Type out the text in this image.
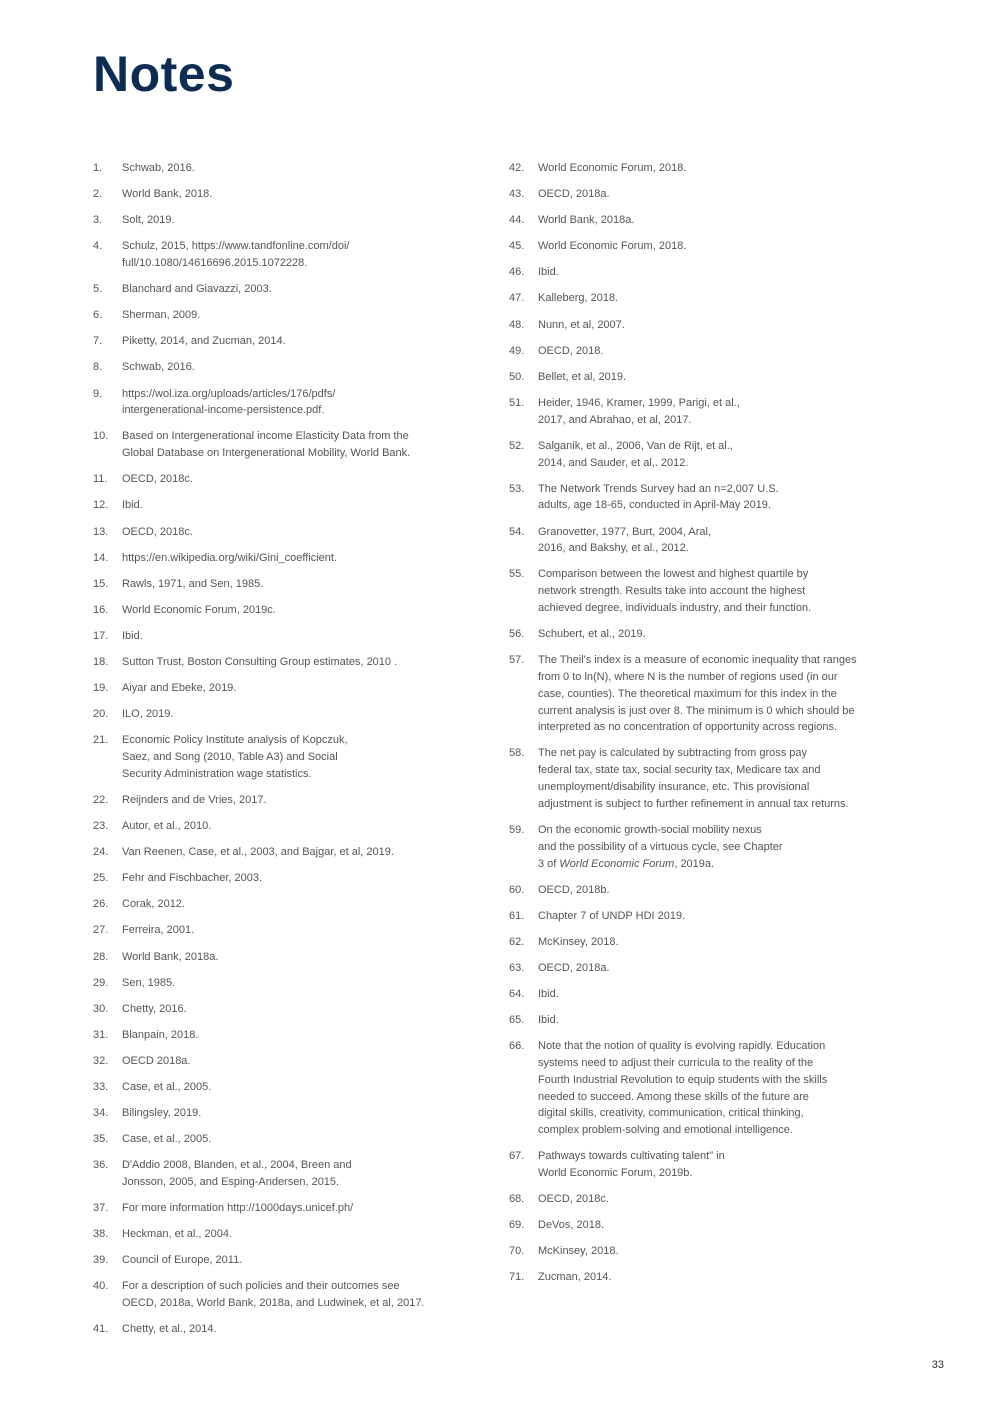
Notes
1.	Schwab, 2016.
2.	World Bank, 2018.
3.	Solt, 2019.
4.	Schulz, 2015, https://www.tandfonline.com/doi/
full/10.1080/14616696.2015.1072228.
5.	Blanchard and Giavazzi, 2003.
6.	Sherman, 2009.
7.	Piketty, 2014, and Zucman, 2014.
8.	Schwab, 2016.
9.	https://wol.iza.org/uploads/articles/176/pdfs/
intergenerational-income-persistence.pdf.
10.	Based on Intergenerational income Elasticity Data from the
Global Database on Intergenerational Mobility, World Bank.
11.	OECD, 2018c.
12.	Ibid.
13.	OECD, 2018c.
14.	https://en.wikipedia.org/wiki/Gini_coefficient.
15.	Rawls, 1971, and Sen, 1985.
16.	World Economic Forum, 2019c.
17.	Ibid.
18.	Sutton Trust, Boston Consulting Group estimates, 2010 .
19.	Aiyar and Ebeke, 2019.
20.	ILO, 2019.
21.	Economic Policy Institute analysis of Kopczuk,
Saez, and Song (2010, Table A3) and Social
Security Administration wage statistics.
22.	Reijnders and de Vries, 2017.
23.	Autor, et al., 2010.
24.	Van Reenen, Case, et al., 2003, and Bajgar, et al, 2019.
25.	Fehr and Fischbacher, 2003.
26.	Corak, 2012.
27.	Ferreira, 2001.
28.	World Bank, 2018a.
29.	Sen, 1985.
30.	Chetty, 2016.
31.	Blanpain, 2018.
32.	OECD 2018a.
33.	Case, et al., 2005.
34.	Bilingsley, 2019.
35.	Case, et al., 2005.
36.	D'Addio 2008, Blanden, et al., 2004, Breen and
Jonsson, 2005, and Esping-Andersen, 2015.
37.	For more information http://1000days.unicef.ph/
38.	Heckman, et al., 2004.
39.	Council of Europe, 2011.
40.	For a description of such policies and their outcomes see
OECD, 2018a, World Bank, 2018a, and Ludwinek, et al, 2017.
41.	Chetty, et al., 2014.
42.	World Economic Forum, 2018.
43.	OECD, 2018a.
44.	World Bank, 2018a.
45.	World Economic Forum, 2018.
46.	Ibid.
47.	Kalleberg, 2018.
48.	Nunn, et al, 2007.
49.	OECD, 2018.
50.	Bellet, et al, 2019.
51.	Heider, 1946, Kramer, 1999, Parigi, et al.,
2017, and Abrahao, et al, 2017.
52.	Salganik, et al., 2006, Van de Rijt, et al.,
2014, and Sauder, et al,. 2012.
53.	The Network Trends Survey had an n=2,007 U.S.
adults, age 18-65, conducted in April-May 2019.
54.	Granovetter, 1977, Burt, 2004, Aral,
2016, and Bakshy, et al., 2012.
55.	Comparison between the lowest and highest quartile by
network strength. Results take into account the highest
achieved degree, individuals industry, and their function.
56.	Schubert, et al., 2019.
57.	The Theil's index is a measure of economic inequality that ranges
from 0 to ln(N), where N is the number of regions used (in our
case, counties). The theoretical maximum for this index in the
current analysis is just over 8. The minimum is 0 which should be
interpreted as no concentration of opportunity across regions.
58.	The net pay is calculated by subtracting from gross pay
federal tax, state tax, social security tax, Medicare tax and
unemployment/disability insurance, etc. This provisional
adjustment is subject to further refinement in annual tax returns.
59.	On the economic growth-social mobility nexus
and the possibility of a virtuous cycle, see Chapter
3 of World Economic Forum, 2019a.
60.	OECD, 2018b.
61.	Chapter 7 of UNDP HDI 2019.
62.	McKinsey, 2018.
63.	OECD, 2018a.
64.	Ibid.
65.	Ibid.
66.	Note that the notion of quality is evolving rapidly. Education
systems need to adjust their curricula to the reality of the
Fourth Industrial Revolution to equip students with the skills
needed to succeed. Among these skills of the future are
digital skills, creativity, communication, critical thinking,
complex problem-solving and emotional intelligence.
67.	Pathways towards cultivating talent" in
World Economic Forum, 2019b.
68.	OECD, 2018c.
69.	DeVos, 2018.
70.	McKinsey, 2018.
71.	Zucman, 2014.
33
